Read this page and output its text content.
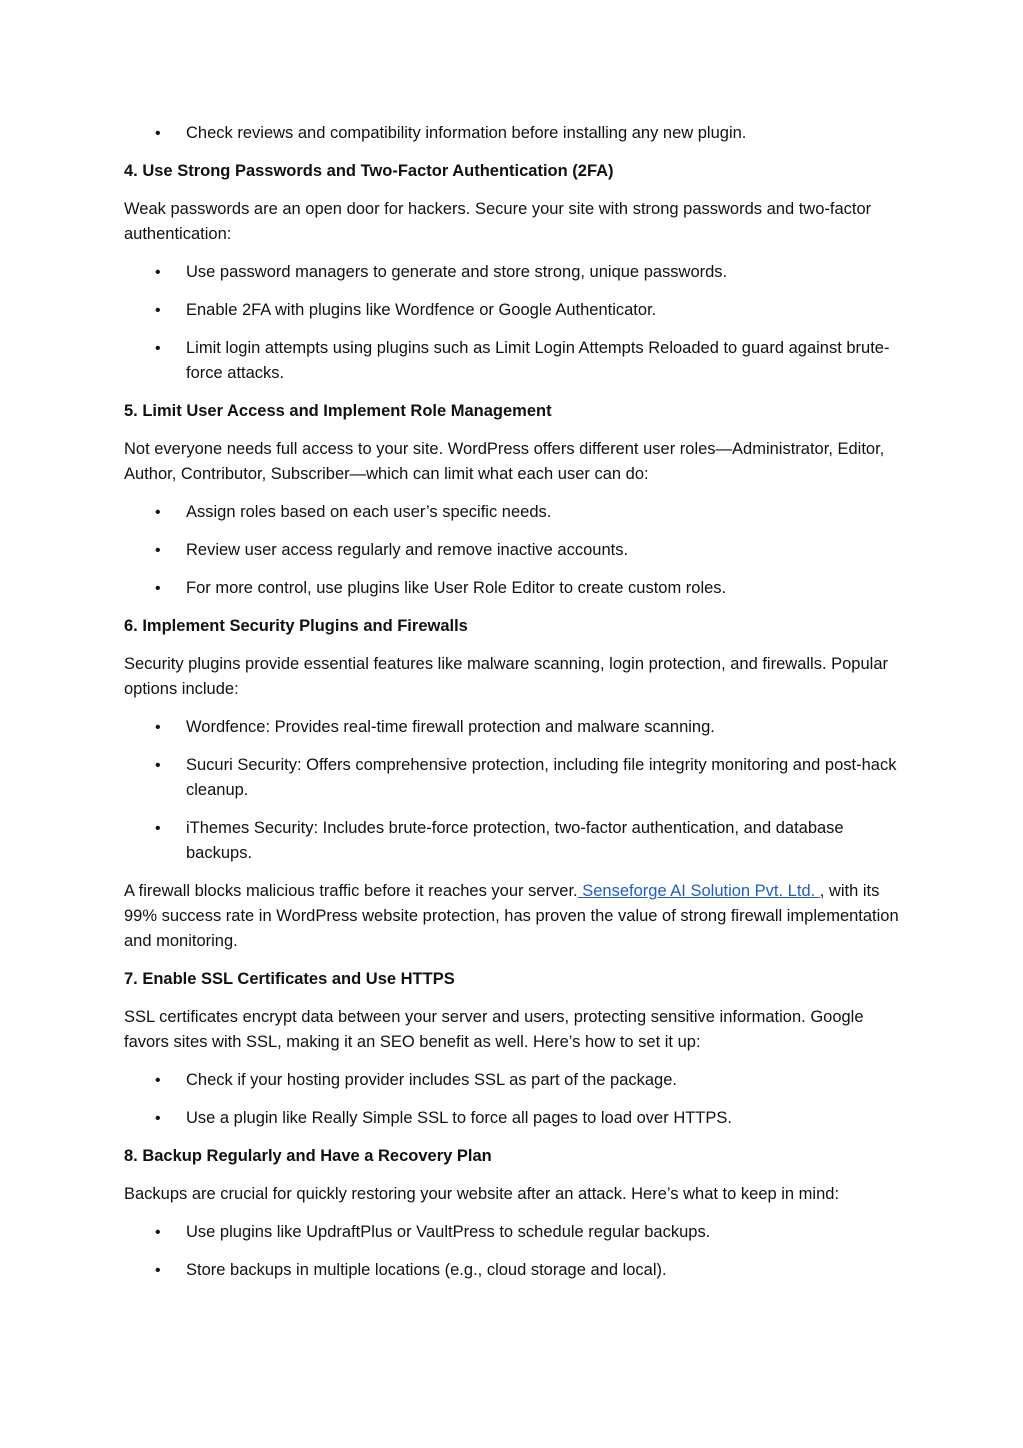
• Check reviews and compatibility information before installing any new plugin.
4. Use Strong Passwords and Two-Factor Authentication (2FA)

Weak passwords are an open door for hackers. Secure your site with strong passwords and two-factor authentication:

• Use password managers to generate and store strong, unique passwords.
• Enable 2FA with plugins like Wordfence or Google Authenticator.
• Limit login attempts using plugins such as Limit Login Attempts Reloaded to guard against brute-force attacks.
5. Limit User Access and Implement Role Management

Not everyone needs full access to your site. WordPress offers different user roles—Administrator, Editor, Author, Contributor, Subscriber—which can limit what each user can do:

• Assign roles based on each user’s specific needs.
• Review user access regularly and remove inactive accounts.
• For more control, use plugins like User Role Editor to create custom roles.
6. Implement Security Plugins and Firewalls

Security plugins provide essential features like malware scanning, login protection, and firewalls. Popular options include:

• Wordfence: Provides real-time firewall protection and malware scanning.
• Sucuri Security: Offers comprehensive protection, including file integrity monitoring and post-hack cleanup.
• iThemes Security: Includes brute-force protection, two-factor authentication, and database backups.

A firewall blocks malicious traffic before it reaches your server. Senseforge AI Solution Pvt. Ltd. , with its 99% success rate in WordPress website protection, has proven the value of strong firewall implementation and monitoring.

7. Enable SSL Certificates and Use HTTPS

SSL certificates encrypt data between your server and users, protecting sensitive information. Google favors sites with SSL, making it an SEO benefit as well. Here’s how to set it up:

• Check if your hosting provider includes SSL as part of the package.
• Use a plugin like Really Simple SSL to force all pages to load over HTTPS.
8. Backup Regularly and Have a Recovery Plan

Backups are crucial for quickly restoring your website after an attack. Here’s what to keep in mind:

• Use plugins like UpdraftPlus or VaultPress to schedule regular backups.
• Store backups in multiple locations (e.g., cloud storage and local).
